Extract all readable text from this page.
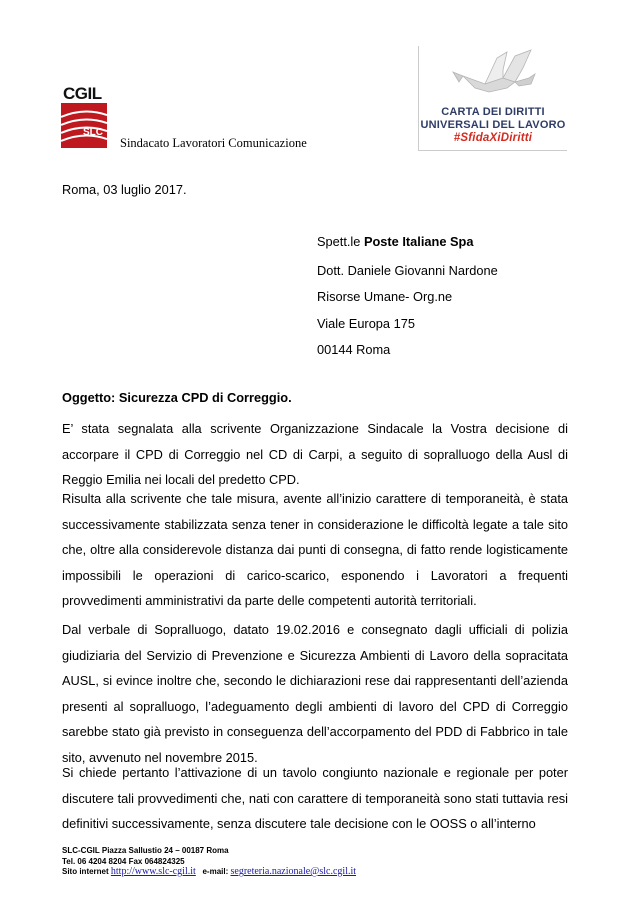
CGIL
SLC
Sindacato Lavoratori Comunicazione
CARTA DEI DIRITTI
UNIVERSALI DEL LAVORO
#SfidaXiDiritti
Roma, 03 luglio 2017.
Spett.le Poste Italiane Spa
Dott. Daniele Giovanni Nardone
Risorse Umane- Org.ne
Viale Europa 175
00144 Roma
Oggetto: Sicurezza CPD di Correggio.
E’ stata segnalata alla scrivente Organizzazione Sindacale la Vostra decisione di accorpare il CPD di Correggio nel CD di Carpi, a seguito di sopralluogo della Ausl di Reggio Emilia nei locali del predetto CPD.
Risulta alla scrivente che tale misura, avente all’inizio carattere di temporaneità, è stata successivamente stabilizzata senza tener in considerazione le difficoltà legate a tale sito che, oltre alla considerevole distanza dai punti di consegna, di fatto rende logisticamente impossibili le operazioni di carico-scarico, esponendo i Lavoratori a frequenti provvedimenti amministrativi da parte delle competenti autorità territoriali.
Dal verbale di Sopralluogo, datato 19.02.2016 e consegnato dagli ufficiali di polizia giudiziaria del Servizio di Prevenzione e Sicurezza Ambienti di Lavoro della sopracitata AUSL, si evince inoltre che, secondo le dichiarazioni rese dai rappresentanti dell’azienda presenti al sopralluogo, l’adeguamento degli ambienti di lavoro del CPD di Correggio sarebbe stato già previsto in conseguenza dell’accorpamento del PDD di Fabbrico in tale sito, avvenuto nel novembre 2015.
Si chiede pertanto l’attivazione di un tavolo congiunto nazionale e regionale per poter discutere tali provvedimenti che, nati con carattere di temporaneità sono stati tuttavia resi definitivi successivamente, senza discutere tale decisione con le OOSS o all’interno
SLC-CGIL Piazza Sallustio 24 – 00187 Roma
Tel. 06 4204 8204 Fax 064824325
Sito internet http://www.slc-cgil.it   e-mail: segreteria.nazionale@slc.cgil.it
